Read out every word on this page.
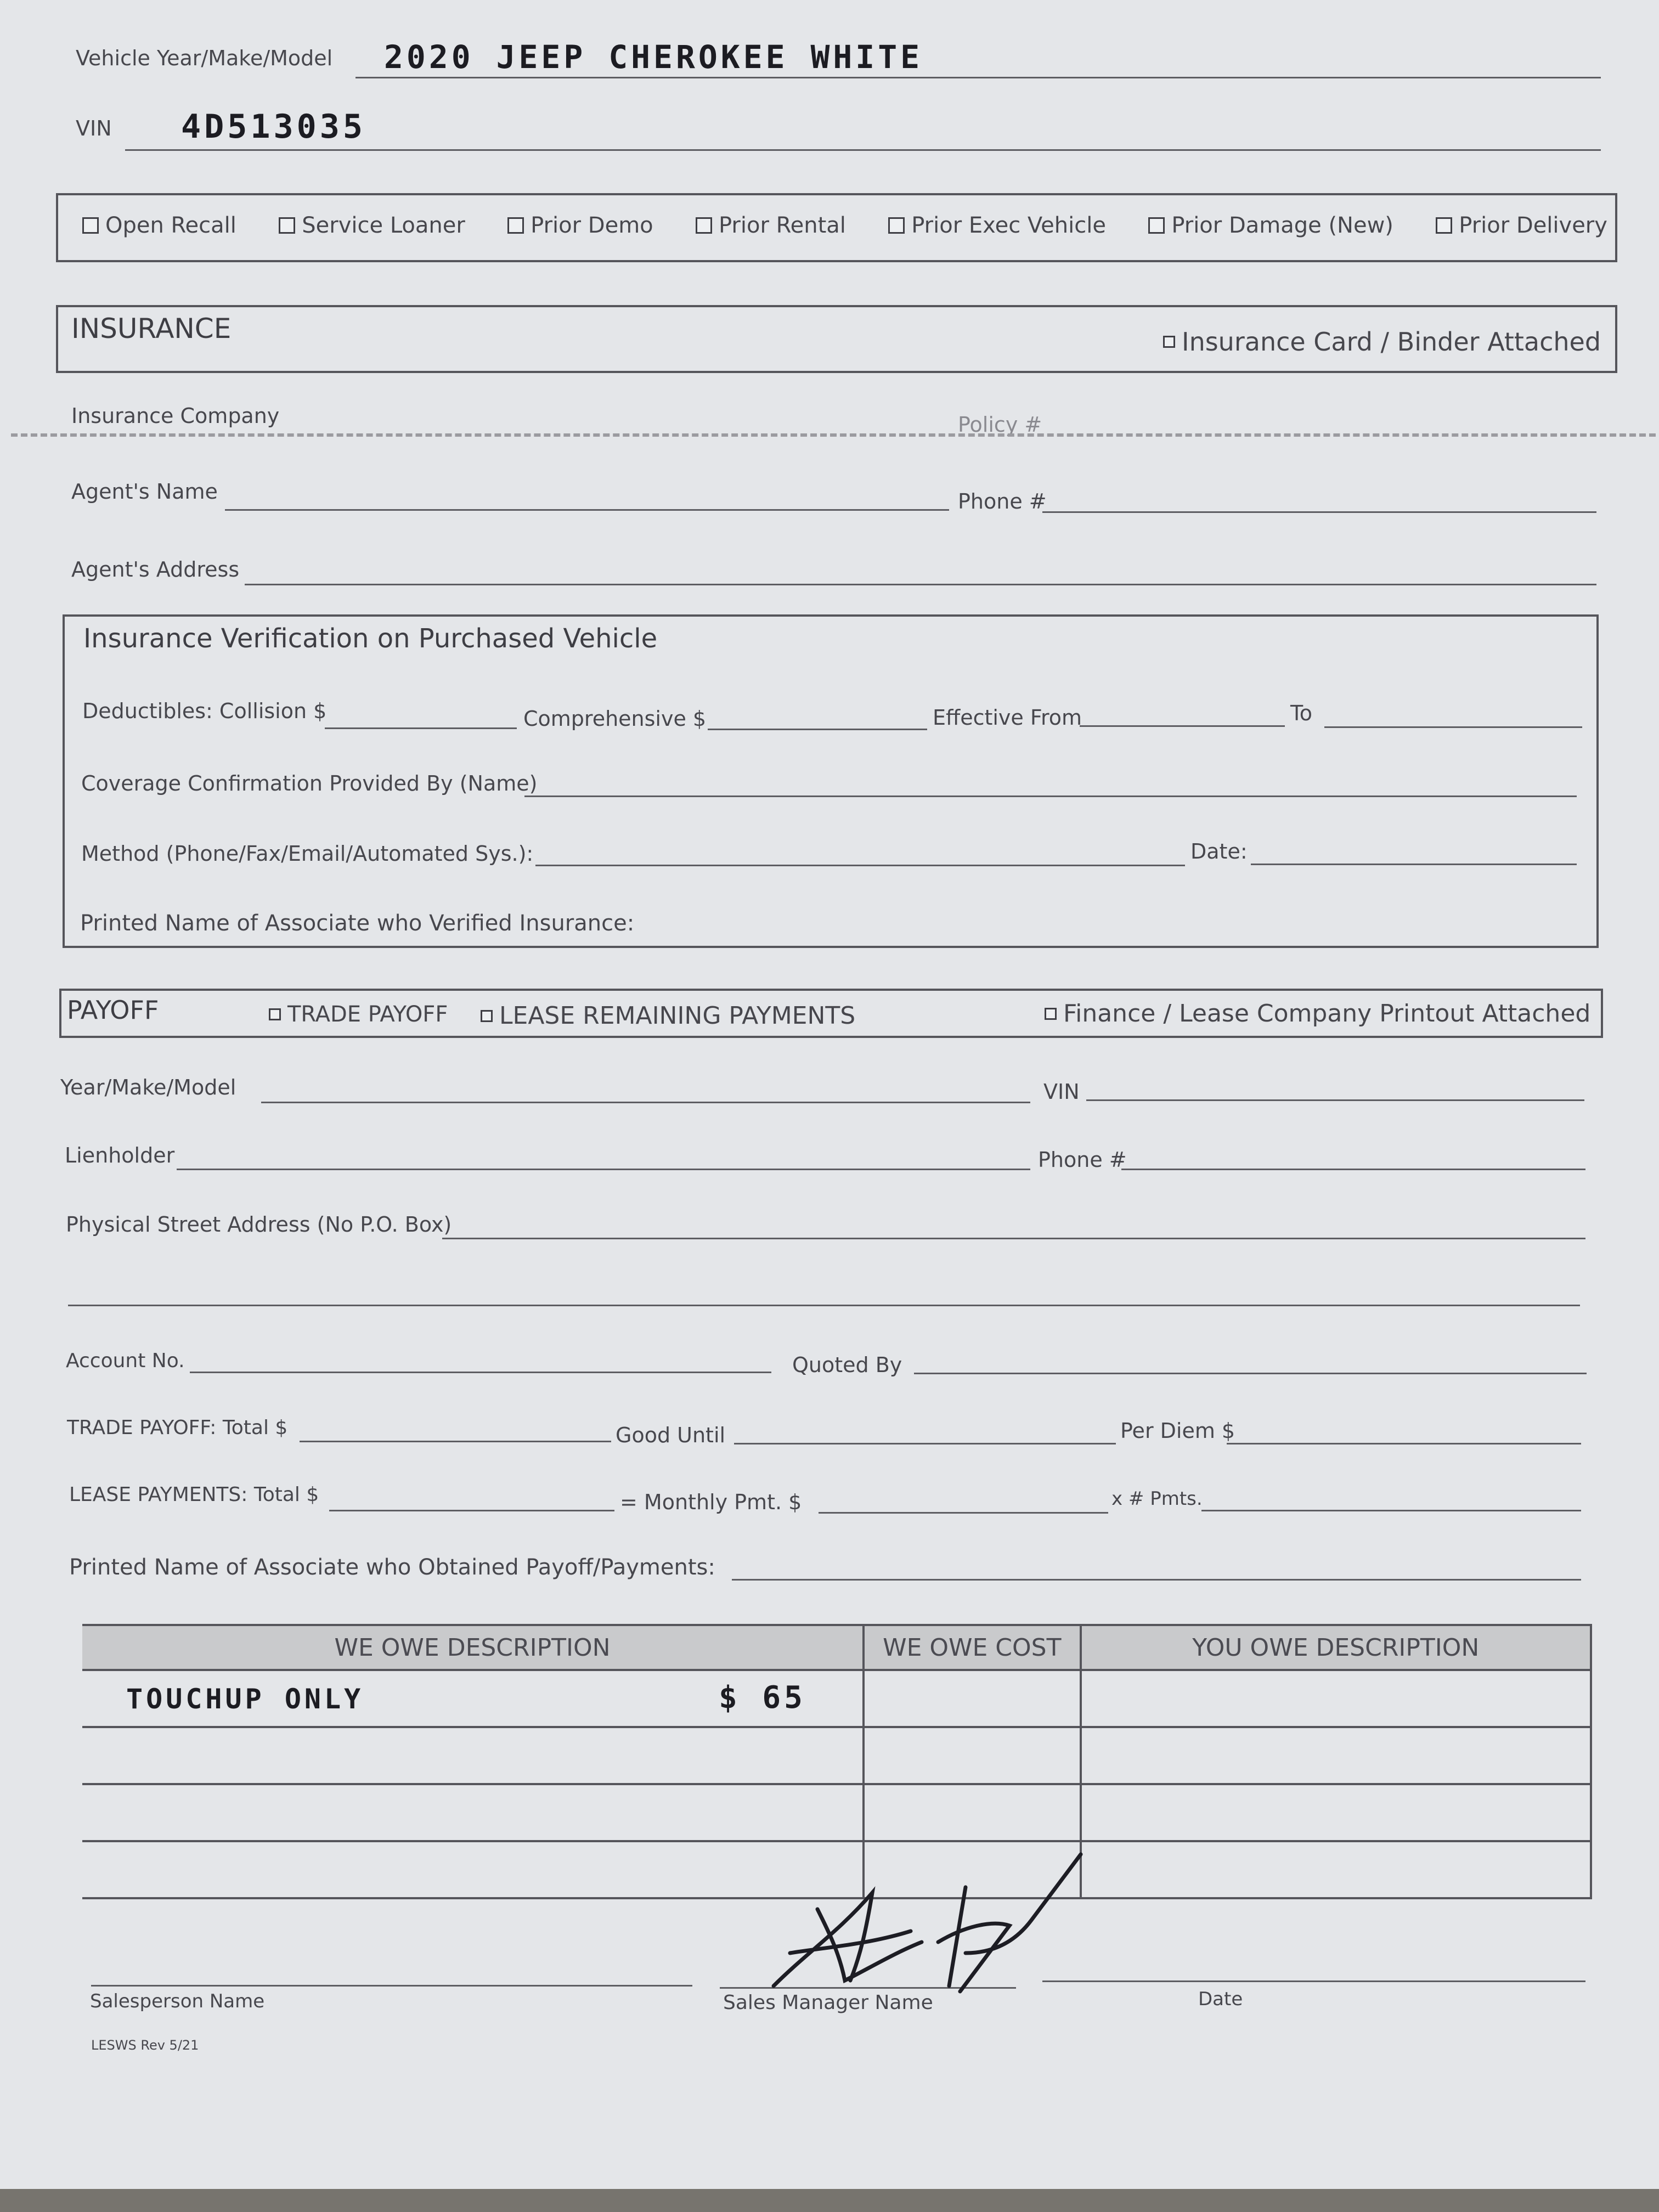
Vehicle Year/Make/Model 2020 JEEP CHEROKEE WHITE
VIN 4D513035
Open Recall	Service Loaner	Prior Demo	Prior Rental	Prior Exec Vehicle	Prior Damage (New)	Prior Delivery
INSURANCE	Insurance Card / Binder Attached
Insurance Company	Policy #
Agent's Name	Phone #
Agent's Address
Insurance Verification on Purchased Vehicle
Deductibles: Collision $	Comprehensive $	Effective From	To
Coverage Confirmation Provided By (Name)
Method (Phone/Fax/Email/Automated Sys.):	Date:
Printed Name of Associate who Verified Insurance:
PAYOFF	TRADE PAYOFF LEASE REMAINING PAYMENTS	Finance / Lease Company Printout Attached
Year/Make/Model	VIN
Lienholder	Phone #
Physical Street Address (No P.O. Box)
Account No.	Quoted By
TRADE PAYOFF: Total $	Good Until	Per Diem $
LEASE PAYMENTS: Total $	= Monthly Pmt. $	x # Pmts.
Printed Name of Associate who Obtained Payoff/Payments:
WE OWE DESCRIPTION	WE OWE COST	YOU OWE DESCRIPTION

TOUCHUP ONLY $ 65		

Salesperson Name	Sales Manager Name	Date
LESWS Rev 5/21
